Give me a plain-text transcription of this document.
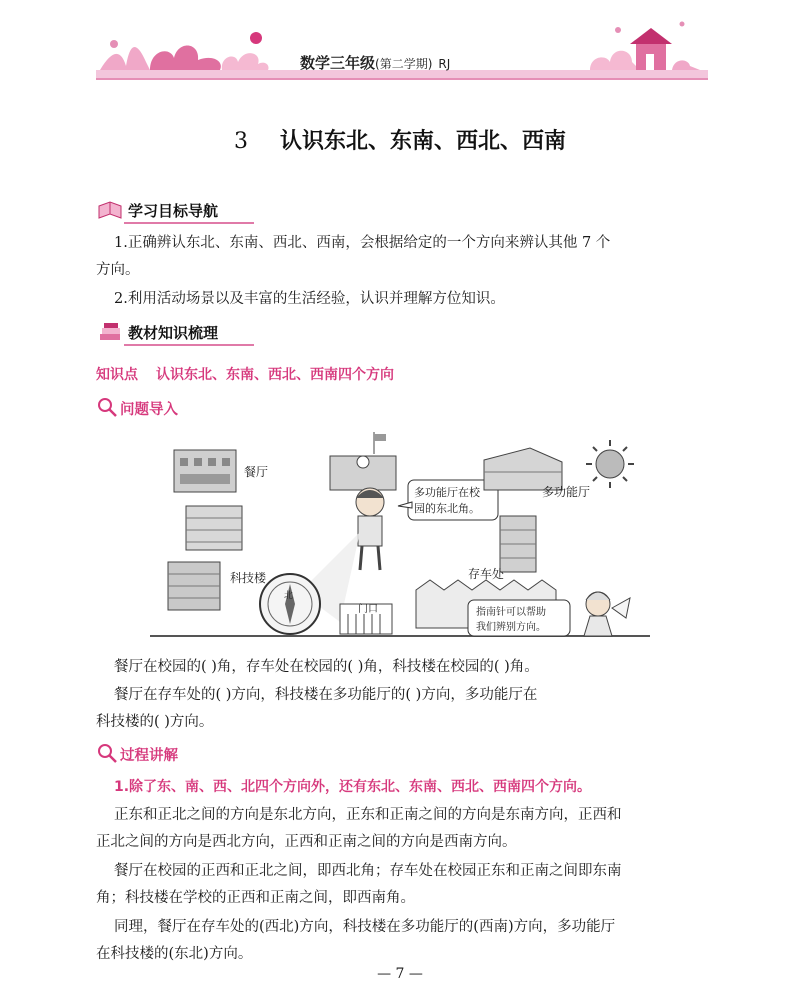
数学三年级(第二学期) RJ
3 认识东北、东南、西北、西南
学习目标导航
1.正确辨认东北、东南、西北、西南，会根据给定的一个方向来辨认其他 7 个
方向。
2.利用活动场景以及丰富的生活经验，认识并理解方位知识。
教材知识梳理
知识点 认识东北、东南、西北、西南四个方向
问题导入
餐厅
科技楼
北
多功能厅在校
园的东北角。
多功能厅
存车处
门口	指南针可以帮助
我们辨别方向。
餐厅在校园的( )角，存车处在校园的( )角，科技楼在校园的( )角。
餐厅在存车处的( )方向，科技楼在多功能厅的( )方向，多功能厅在
科技楼的( )方向。
过程讲解
1.除了东、南、西、北四个方向外，还有东北、东南、西北、西南四个方向。
正东和正北之间的方向是东北方向，正东和正南之间的方向是东南方向，正西和
正北之间的方向是西北方向，正西和正南之间的方向是西南方向。
餐厅在校园的正西和正北之间，即西北角；存车处在校园正东和正南之间即东南
角；科技楼在学校的正西和正南之间，即西南角。
同理，餐厅在存车处的(西北)方向，科技楼在多功能厅的(西南)方向，多功能厅
在科技楼的(东北)方向。
— 7 —
